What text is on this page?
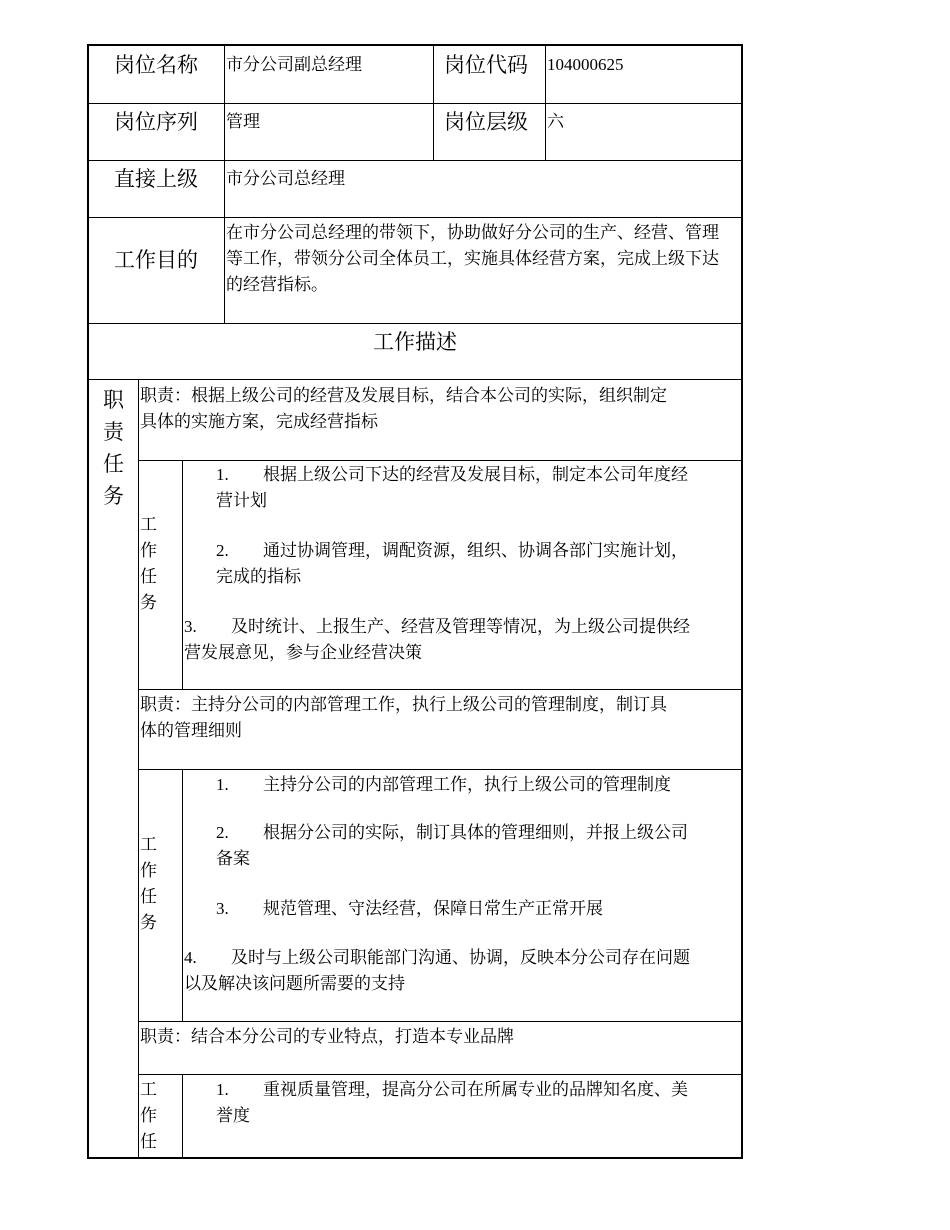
岗位名称 市分公司副总经理	岗位代码 104000625
岗位序列 管理	岗位层级 六
直接上级 市分公司总经理
工作目的
在市分公司总经理的带领下，协助做好分公司的生产、经营、管理等工作，带领分公司全体员工，实施具体经营方案，完成上级下达的经营指标。
工作描述
职
责
任
务
职责：根据上级公司的经营及发展目标，结合本公司的实际，组织制定
具体的实施方案，完成经营指标
工
作
任
务
1. 根据上级公司下达的经营及发展目标，制定本公司年度经
营计划
2. 通过协调管理，调配资源，组织、协调各部门实施计划，
完成的指标
3. 及时统计、上报生产、经营及管理等情况，为上级公司提供经
营发展意见，参与企业经营决策
职责：主持分公司的内部管理工作，执行上级公司的管理制度，制订具
体的管理细则
工
作
任
务
1. 主持分公司的内部管理工作，执行上级公司的管理制度
2. 根据分公司的实际，制订具体的管理细则，并报上级公司
备案
3. 规范管理、守法经营，保障日常生产正常开展
4. 及时与上级公司职能部门沟通、协调，反映本分公司存在问题
以及解决该问题所需要的支持
职责：结合本分公司的专业特点，打造本专业品牌
工
作
任
1. 重视质量管理，提高分公司在所属专业的品牌知名度、美
誉度
